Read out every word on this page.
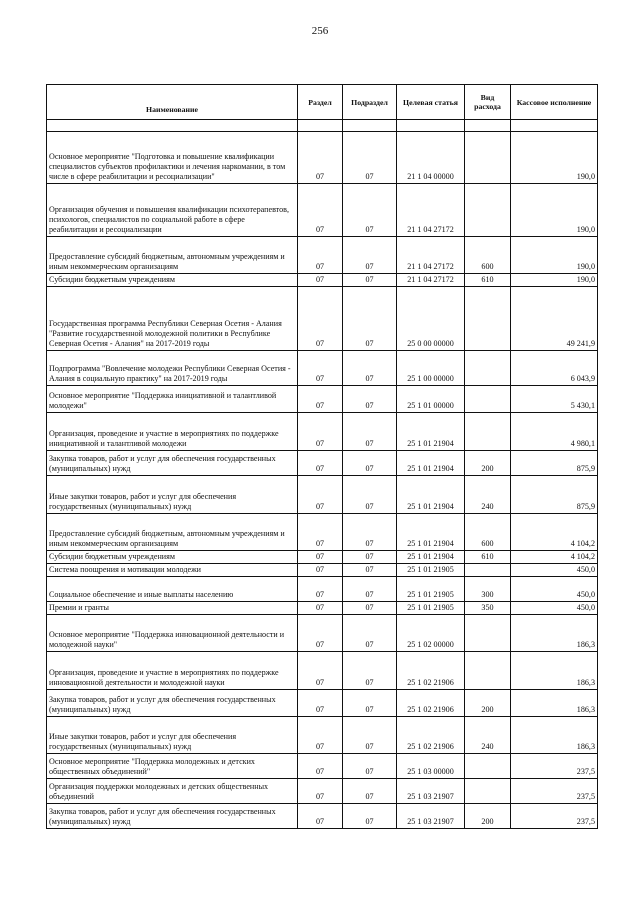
256
Наименование	Раздел	Подраздел	Целевая статья	Вид расхода	Кассовое исполнение

Основное мероприятие "Подготовка и повышение квалификации специалистов субъектов профилактики и лечения наркомании, в том числе в сфере реабилитации и ресоциализации"	07	07	21 1 04 00000		190,0
Организация обучения и повышения квалификации психотерапевтов, психологов, специалистов по социальной работе в сфере реабилитации и ресоциализации	07	07	21 1 04 27172		190,0
Предоставление субсидий бюджетным, автономным учреждениям и иным некоммерческим организациям	07	07	21 1 04 27172	600	190,0
Субсидии бюджетным учреждениям	07	07	21 1 04 27172	610	190,0
Государственная программа Республики Северная Осетия - Алания "Развитие государственной молодежной политики в Республике Северная Осетия - Алания" на 2017-2019 годы	07	07	25 0 00 00000		49 241,9
Подпрограмма "Вовлечение молодежи Республики Северная Осетия - Алания в социальную практику" на 2017-2019 годы	07	07	25 1 00 00000		6 043,9
Основное мероприятие "Поддержка инициативной и талантливой молодежи"	07	07	25 1 01 00000		5 430,1
Организация, проведение и участие в мероприятиях по поддержке инициативной и талантливой молодежи	07	07	25 1 01 21904		4 980,1
Закупка товаров, работ и услуг для обеспечения государственных (муниципальных) нужд	07	07	25 1 01 21904	200	875,9
Иные закупки товаров, работ и услуг для обеспечения государственных (муниципальных) нужд	07	07	25 1 01 21904	240	875,9
Предоставление субсидий бюджетным, автономным учреждениям и иным некоммерческим организациям	07	07	25 1 01 21904	600	4 104,2
Субсидии бюджетным учреждениям	07	07	25 1 01 21904	610	4 104,2
Система поощрения и мотивации молодежи	07	07	25 1 01 21905		450,0
Социальное обеспечение и иные выплаты населению	07	07	25 1 01 21905	300	450,0
Премии и гранты	07	07	25 1 01 21905	350	450,0
Основное мероприятие "Поддержка инновационной деятельности и молодежной науки"	07	07	25 1 02 00000		186,3
Организация, проведение и участие в мероприятиях по поддержке инновационной деятельности и молодежной науки	07	07	25 1 02 21906		186,3
Закупка товаров, работ и услуг для обеспечения государственных (муниципальных) нужд	07	07	25 1 02 21906	200	186,3
Иные закупки товаров, работ и услуг для обеспечения государственных (муниципальных) нужд	07	07	25 1 02 21906	240	186,3
Основное мероприятие "Поддержка молодежных и детских общественных объединений"	07	07	25 1 03 00000		237,5
Организация поддержки молодежных и детских общественных объединений	07	07	25 1 03 21907		237,5
Закупка товаров, работ и услуг для обеспечения государственных (муниципальных) нужд	07	07	25 1 03 21907	200	237,5
